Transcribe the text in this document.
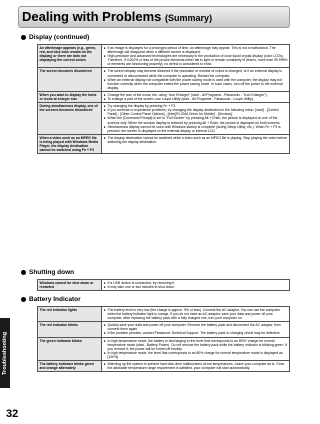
Troubleshooting
32
Dealing with Problems (Summary)
Display (continued)
An afterimage appears (e.g., green, red, and blue dots remain on the display) or there are dots not displaying the correct colors	● If an image is displayed for a prolonged period of time, an afterimage may appear. This is not a malfunction. The afterimage will disappear when a different screen is displayed.
● High-precision and advanced technologies are necessary in the production of color liquid crystal display (color LCDs). Therefore, if 0.002% or less of the picture elements either fail to light or remain constantly lit (that is, more than 99.998% of elements are functioning properly), no defect is considered to exist.

The screen becomes disordered	● The screen display may become distorted if the resolution or number of colors is changed, or if an external display is connected or disconnected while the computer is operating. Restart the computer.
● When an external display not compatible with the power saving mode is used with the computer, the display may not function correctly when the computer enters the power saving mode. In such cases, turn off the power to the external display.

When you want to display the fonts or icons at a larger size	● Change the size of the icons, etc. using "Icon Enlarger" (start - All Programs - Panasonic - "Icon Enlarger").
● To enlarge a part of the screen, use Loupe Utility (start - All Programs - Panasonic - Loupe Utility).

During simultaneous display, one of the screens becomes disordered	● Try changing the display by pressing Fn + F3.
● If you continue to experience problems, try changing the display destination in the following menu. [start] - [Control Panel] - [Other Control Panel Options] - [Intel(R) GMA Driver for Mobile] - [Devices].
● When the [Command Prompt] is set to "Full Screen" by pressing Alt + Enter, the picture is displayed on one of the screens only. When the window display is restored by pressing Alt + Enter, the picture is displayed on both screens.
● Simultaneous display cannot be used until Windows startup is complete (during Setup Utility, etc.). When Fn + F3 is pressed, the screen is displayed on the external display or internal LCD.

When a video such as an MPEG file is being played with Windows Media Player, the display destination cannot be switched using Fn + F3	● The display destination cannot be switched while a video such as an MPEG file is playing. Stop playing the video before switching the display destination.
Shutting down
Windows cannot be shut down or restarted	
● If a USB device is connected, try removing it.
● It may take one or two minutes to shut down.
Battery Indicator
The red indicator lights	● The battery level is very low (the charge is approx. 9% or less). Connect the AC adaptor. You can use the computer when the battery indicator light is orange. If you do not have an AC adaptor, save your data and power off your computer. After replacing the battery pack with a fully charged one, turn your computer on.

The red indicator blinks	● Quickly save your data and power off your computer. Remove the battery pack and disconnect the AC adaptor, then connect them again.
● If the problem persists, contact Panasonic Technical Support. The battery pack or charging circuit may be defective.

The green indicator blinks	● In high temperature mode, the battery is discharging to the level that corresponds to an 80%* charge for normal temperature mode (start - Battery Power). Do not remove the battery pack while the battery indicator is blinking green. If you remove it, the power will be turned off forcibly.
● In high temperature mode, the level that corresponds to an 80% charge for normal temperature mode is displayed as [100%].

The battery indicator blinks green and orange alternately	● Warming up the system to prevent hard disk drive malfunctions at low temperatures. Leave your computer as is. Once the allowable temperature range requirement is satisfied, your computer will start automatically.
